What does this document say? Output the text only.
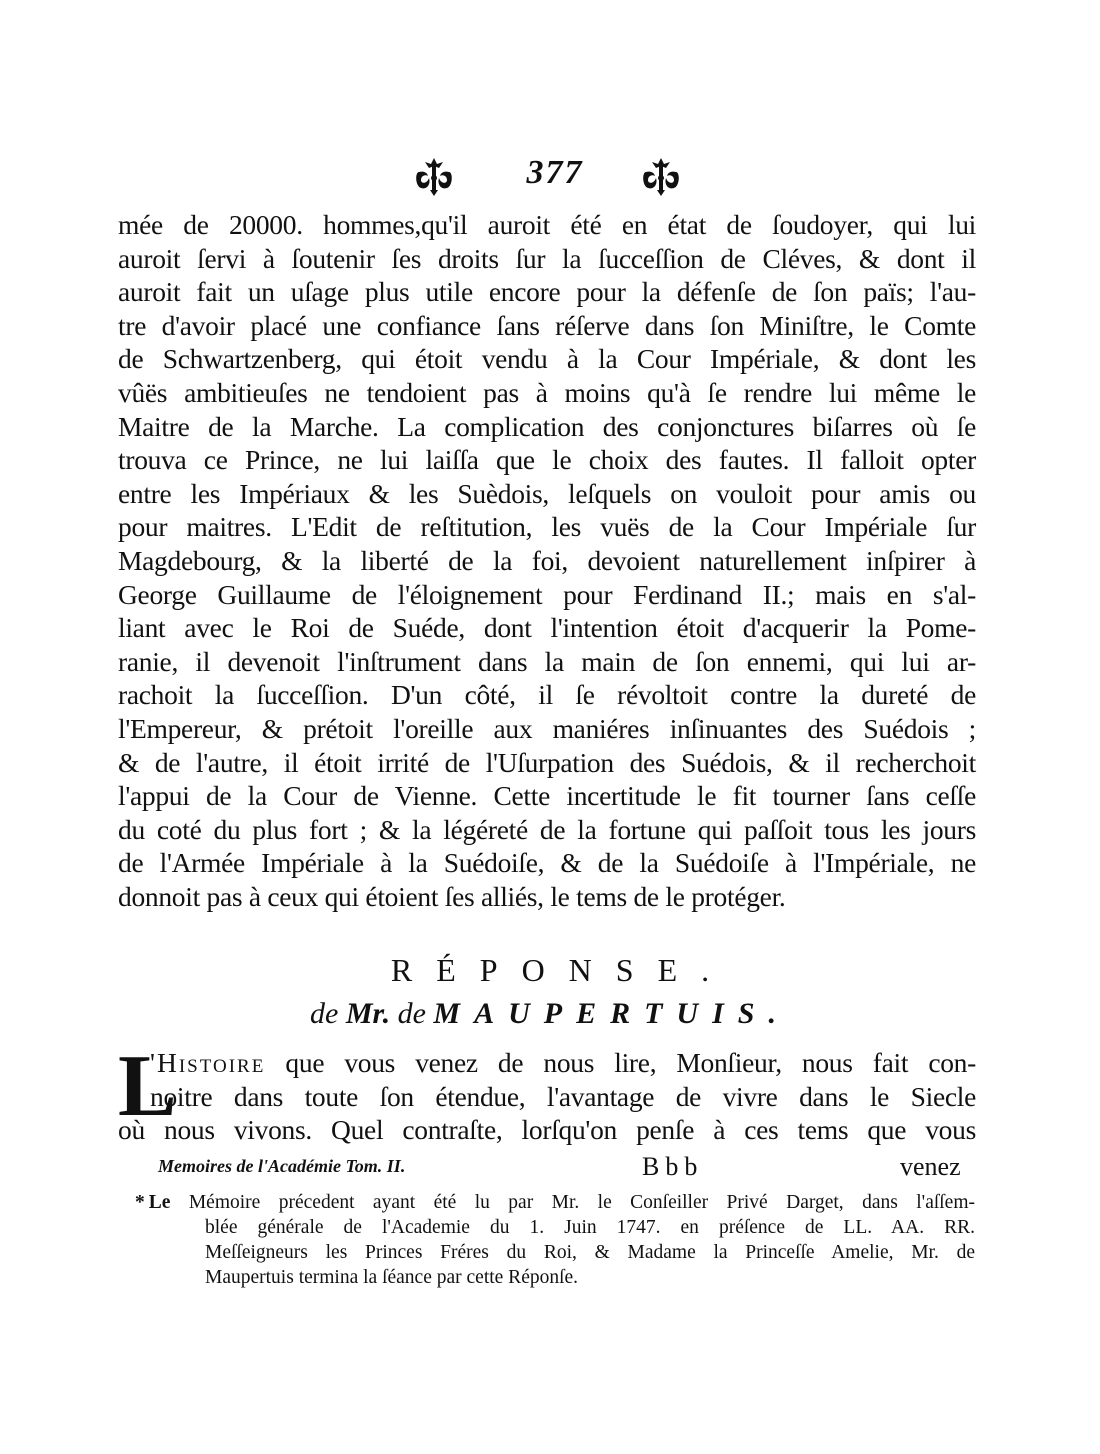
377
mée de 20000. hommes,qu'il auroit été en état de ſoudoyer, qui lui
auroit ſervi à ſoutenir ſes droits ſur la ſucceſſion de Cléves, & dont il
auroit fait un uſage plus utile encore pour la défenſe de ſon païs; l'au-
tre d'avoir placé une confiance ſans réſerve dans ſon Miniſtre, le Comte
de Schwartzenberg, qui étoit vendu à la Cour Impériale, & dont les
vûës ambitieuſes ne tendoient pas à moins qu'à ſe rendre lui même le
Maitre de la Marche. La complication des conjonctures biſarres où ſe
trouva ce Prince, ne lui laiſſa que le choix des fautes. Il falloit opter
entre les Impériaux & les Suèdois, leſquels on vouloit pour amis ou
pour maitres. L'Edit de reſtitution, les vuës de la Cour Impériale ſur
Magdebourg, & la liberté de la foi, devoient naturellement inſpirer à
George Guillaume de l'éloignement pour Ferdinand II.; mais en s'al-
liant avec le Roi de Suéde, dont l'intention étoit d'acquerir la Pome-
ranie, il devenoit l'inſtrument dans la main de ſon ennemi, qui lui ar-
rachoit la ſucceſſion. D'un côté, il ſe révoltoit contre la dureté de
l'Empereur, & prétoit l'oreille aux maniéres inſinuantes des Suédois ;
& de l'autre, il étoit irrité de l'Uſurpation des Suédois, & il recherchoit
l'appui de la Cour de Vienne. Cette incertitude le fit tourner ſans ceſſe
du coté du plus fort ; & la légéreté de la fortune qui paſſoit tous les jours
de l'Armée Impériale à la Suédoiſe, & de la Suédoiſe à l'Impériale, ne
donnoit pas à ceux qui étoient ſes alliés, le tems de le protéger.
RÉPONSE.
de Mr. de MAUPERTUIS.
L
'Histoire que vous venez de nous lire, Monſieur, nous fait con-
noitre dans toute ſon étendue, l'avantage de vivre dans le Siecle
où nous vivons. Quel contraſte, lorſqu'on penſe à ces tems que vous
Memoires de l'Académie Tom. II.	Bbb	venez
* Le Mémoire précedent ayant été lu par Mr. le Conſeiller Privé Darget, dans l'aſſem-
blée générale de l'Academie du 1. Juin 1747. en préſence de LL. AA. RR.
Meſſeigneurs les Princes Fréres du Roi, & Madame la Princeſſe Amelie, Mr. de
Maupertuis termina la ſéance par cette Réponſe.
